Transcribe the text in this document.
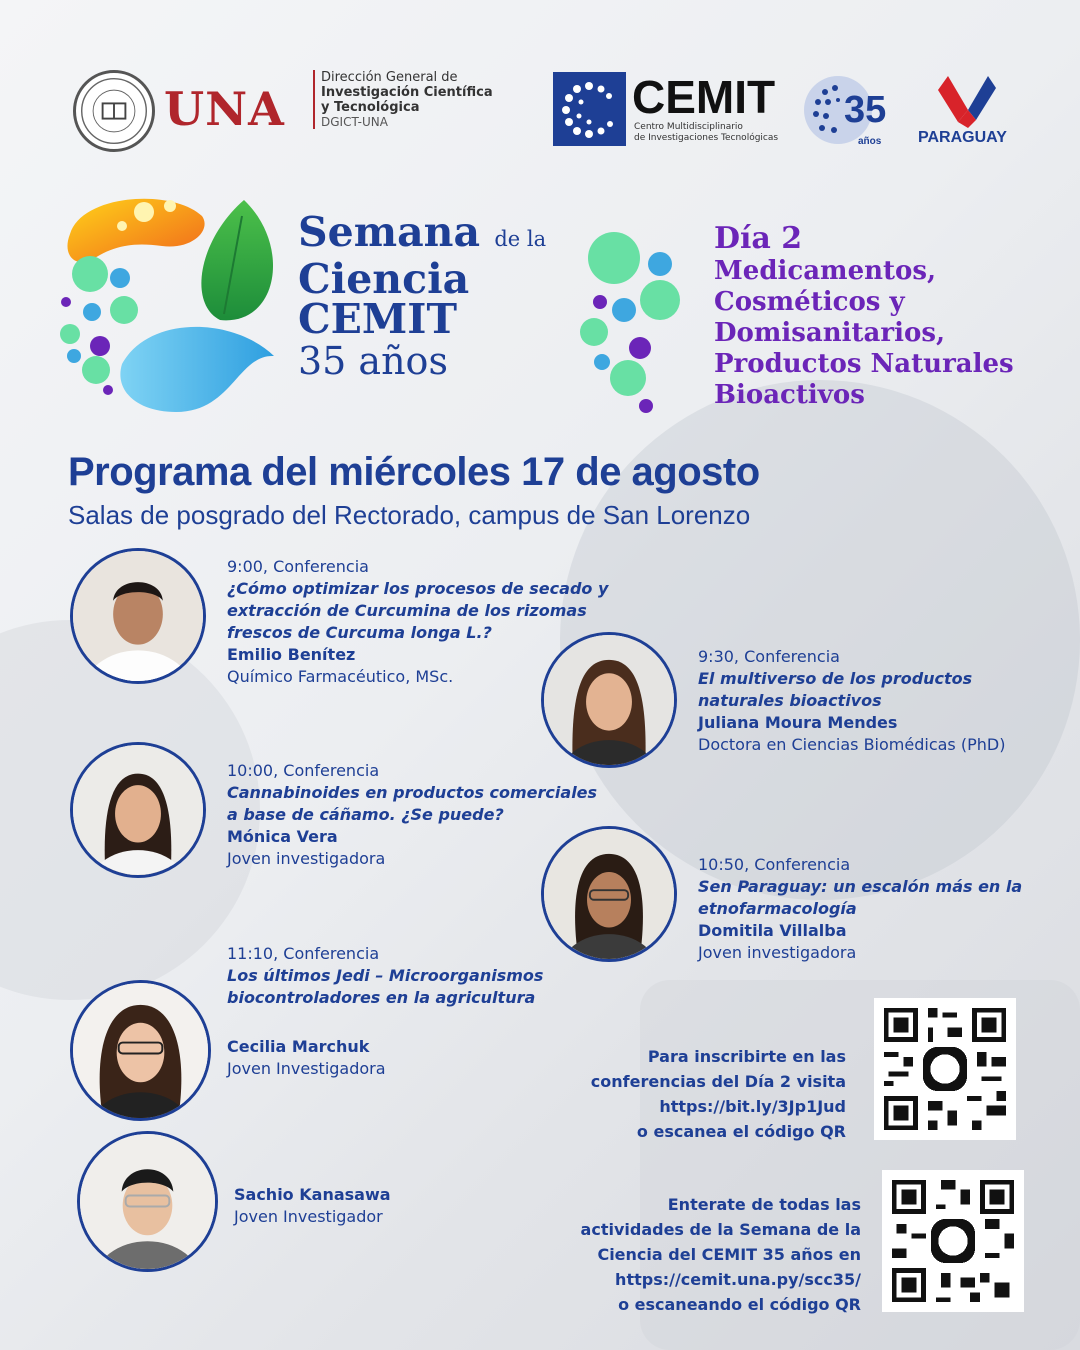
UNA
Dirección General de
Investigación Científica
y Tecnológica
DGICT-UNA	CEMIT
Centro Multidisciplinario
de Investigaciones Tecnológicas
35
años PARAGUAY
Semana de la
Ciencia
CEMIT
35 años
Día 2
Medicamentos,
Cosméticos y
Domisanitarios,
Productos Naturales
Bioactivos
Programa del miércoles 17 de agosto
Salas de posgrado del Rectorado, campus de San Lorenzo
9:00, Conferencia
¿Cómo optimizar los procesos de secado y
extracción de Curcumina de los rizomas
frescos de Curcuma longa L.?
Emilio Benítez
Químico Farmacéutico, MSc.
9:30, Conferencia
El multiverso de los productos
naturales bioactivos
Juliana Moura Mendes
Doctora en Ciencias Biomédicas (PhD)
10:00, Conferencia
Cannabinoides en productos comerciales
a base de cáñamo. ¿Se puede?
Mónica Vera
Joven investigadora	10:50, Conferencia
Sen Paraguay: un escalón más en la
etnofarmacología
Domitila Villalba
Joven investigadora
11:10, Conferencia
Los últimos Jedi – Microorganismos
biocontroladores en la agricultura
Cecilia Marchuk
Joven Investigadora
Sachio Kanasawa
Joven Investigador
Para inscribirte en las
conferencias del Día 2 visita
https://bit.ly/3Jp1Jud
o escanea el código QR
Enterate de todas las
actividades de la Semana de la
Ciencia del CEMIT 35 años en
https://cemit.una.py/scc35/
o escaneando el código QR
